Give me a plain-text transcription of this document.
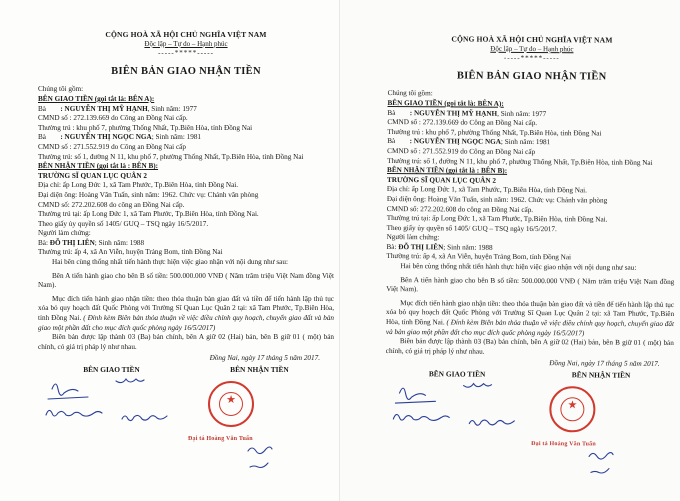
CỘNG HOÀ XÃ HỘI CHỦ NGHĨA VIỆT NAM
Độc lập – Tự do – Hạnh phúc
-----*****-----
BIÊN BẢN GIAO NHẬN TIỀN
Chúng tôi gồm:
BÊN GIAO TIỀN (gọi tắt là: BÊN A):
Bà : NGUYỄN THỊ MỸ HẠNH, Sinh năm: 1977
CMND số : 272.139.669 do Công an Đồng Nai cấp.
Thường trú : khu phố 7, phường Thống Nhất, Tp.Biên Hòa, tỉnh Đồng Nai
Bà : NGUYỄN THỊ NGỌC NGA; Sinh năm: 1981
CMND số : 271.552.919 do Công an Đồng Nai cấp
Thường trú: số 1, đường N 11, khu phố 7, phường Thống Nhất, Tp.Biên Hòa, tỉnh Đồng Nai
BÊN NHẬN TIỀN (gọi tắt là : BÊN B):
TRƯỜNG SĨ QUAN LỤC QUÂN 2
Địa chỉ: ấp Long Đức 1, xã Tam Phước, Tp.Biên Hòa, tỉnh Đồng Nai.
Đại diện ông: Hoàng Văn Tuấn, sinh năm: 1962. Chức vụ: Chánh văn phòng
CMND số: 272.202.608 do công an Đồng Nai cấp.
Thường trú tại: ấp Long Đức 1, xã Tam Phước, Tp.Biên Hòa, tỉnh Đồng Nai.
Theo giấy ủy quyền số 1405/ GUQ – TSQ ngày 16/5/2017.
Người làm chứng:
Bà: ĐỖ THỊ LIÊN; Sinh năm: 1988
Thường trú: ấp 4, xã An Viễn, huyện Trảng Bom, tỉnh Đồng Nai
Hai bên cùng thống nhất tiến hành thực hiện việc giao nhận với nội dung như sau:
Bên A tiến hành giao cho bên B số tiền: 500.000.000 VNĐ ( Năm trăm triệu Việt Nam đồng Việt Nam).
Mục đích tiến hành giao nhận tiền: theo thỏa thuận bàn giao đất và tiền để tiến hành lập thủ tục xóa bỏ quy hoạch đất Quốc Phòng với Trường Sĩ Quan Lục Quân 2 tại: xã Tam Phước, Tp.Biên Hòa, tỉnh Đồng Nai. ( Đính kèm Biên bản thỏa thuận về việc điều chỉnh quy hoạch, chuyển giao đất và bàn giao một phần đất cho mục đích quốc phòng ngày 16/5/2017)
Biên bản được lập thành 03 (Ba) bản chính, bên A giữ 02 (Hai) bản, bên B giữ 01 ( một) bản chính, có giá trị pháp lý như nhau.
Đồng Nai, ngày 17 tháng 5 năm 2017.
BÊN GIAO TIỀN	BÊN NHẬN TIỀN
★
Đại tá Hoàng Văn Tuấn
CỘNG HOÀ XÃ HỘI CHỦ NGHĨA VIỆT NAM
Độc lập – Tự do – Hạnh phúc
-----*****-----
BIÊN BẢN GIAO NHẬN TIỀN
Chúng tôi gồm:
BÊN GIAO TIỀN (gọi tắt là: BÊN A):
Bà : NGUYỄN THỊ MỸ HẠNH, Sinh năm: 1977
CMND số : 272.139.669 do Công an Đồng Nai cấp.
Thường trú : khu phố 7, phường Thống Nhất, Tp.Biên Hòa, tỉnh Đồng Nai
Bà : NGUYỄN THỊ NGỌC NGA; Sinh năm: 1981
CMND số : 271.552.919 do Công an Đồng Nai cấp
Thường trú: số 1, đường N 11, khu phố 7, phường Thống Nhất, Tp.Biên Hòa, tỉnh Đồng Nai
BÊN NHẬN TIỀN (gọi tắt là : BÊN B):
TRƯỜNG SĨ QUAN LỤC QUÂN 2
Địa chỉ: ấp Long Đức 1, xã Tam Phước, Tp.Biên Hòa, tỉnh Đồng Nai.
Đại diện ông: Hoàng Văn Tuấn, sinh năm: 1962. Chức vụ: Chánh văn phòng
CMND số: 272.202.608 do công an Đồng Nai cấp.
Thường trú tại: ấp Long Đức 1, xã Tam Phước, Tp.Biên Hòa, tỉnh Đồng Nai.
Theo giấy ủy quyền số 1405/ GUQ – TSQ ngày 16/5/2017.
Người làm chứng:
Bà: ĐỖ THỊ LIÊN; Sinh năm: 1988
Thường trú: ấp 4, xã An Viễn, huyện Trảng Bom, tỉnh Đồng Nai
Hai bên cùng thống nhất tiến hành thực hiện việc giao nhận với nội dung như sau:
Bên A tiến hành giao cho bên B số tiền: 500.000.000 VNĐ ( Năm trăm triệu Việt Nam đồng Việt Nam).
Mục đích tiến hành giao nhận tiền: theo thỏa thuận bàn giao đất và tiền để tiến hành lập thủ tục xóa bỏ quy hoạch đất Quốc Phòng với Trường Sĩ Quan Lục Quân 2 tại: xã Tam Phước, Tp.Biên Hòa, tỉnh Đồng Nai. ( Đính kèm Biên bản thỏa thuận về việc điều chỉnh quy hoạch, chuyển giao đất và bàn giao một phần đất cho mục đích quốc phòng ngày 16/5/2017)
Biên bản được lập thành 03 (Ba) bản chính, bên A giữ 02 (Hai) bản, bên B giữ 01 ( một) bản chính, có giá trị pháp lý như nhau.
Đồng Nai, ngày 17 tháng 5 năm 2017.
BÊN GIAO TIỀN	BÊN NHẬN TIỀN
★
Đại tá Hoàng Văn Tuấn
